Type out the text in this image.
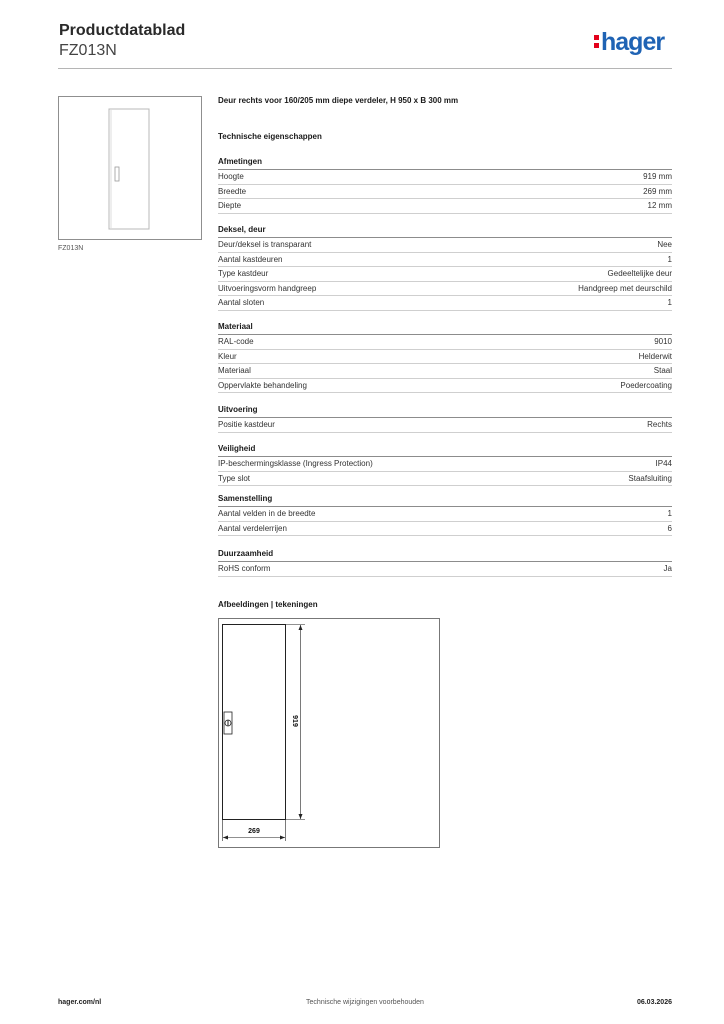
Productdatablad
FZ013N	hager
FZ013N
Deur rechts voor 160/205 mm diepe verdeler, H 950 x B 300 mm
Technische eigenschappen
Afmetingen
Hoogte	919 mm
Breedte	269 mm
Diepte	12 mm
Deksel, deur
Deur/deksel is transparant	Nee
Aantal kastdeuren	1
Type kastdeur	Gedeeltelijke deur
Uitvoeringsvorm handgreep	Handgreep met deurschild
Aantal sloten	1
Materiaal
RAL-code	9010
Kleur	Helderwit
Materiaal	Staal
Oppervlakte behandeling	Poedercoating
Uitvoering
Positie kastdeur	Rechts
Veiligheid
IP-beschermingsklasse (Ingress Protection)	IP44
Type slot	Staafsluiting
Samenstelling
Aantal velden in de breedte	1
Aantal verdelerrijen	6
Duurzaamheid
RoHS conform	Ja
Afbeeldingen | tekeningen
919
269
hager.com/nl	Technische wijzigingen voorbehouden	06.03.2026
